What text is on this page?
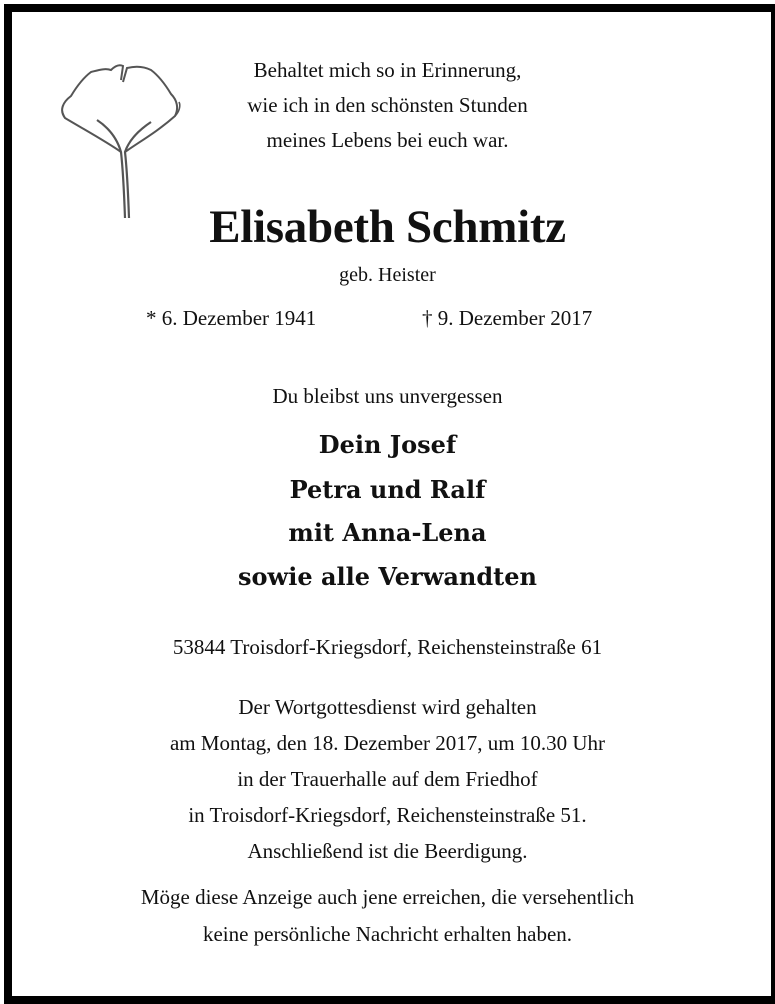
Behaltet mich so in Erinnerung,
wie ich in den schönsten Stunden
meines Lebens bei euch war.
Elisabeth Schmitz
geb. Heister
* 6. Dezember 1941	† 9. Dezember 2017
Du bleibst uns unvergessen
Dein Josef
Petra und Ralf
mit Anna-Lena
sowie alle Verwandten
53844 Troisdorf-Kriegsdorf, Reichensteinstraße 61
Der Wortgottesdienst wird gehalten
am Montag, den 18. Dezember 2017, um 10.30 Uhr
in der Trauerhalle auf dem Friedhof
in Troisdorf-Kriegsdorf, Reichensteinstraße 51.
Anschließend ist die Beerdigung.
Möge diese Anzeige auch jene erreichen, die versehentlich
keine persönliche Nachricht erhalten haben.
